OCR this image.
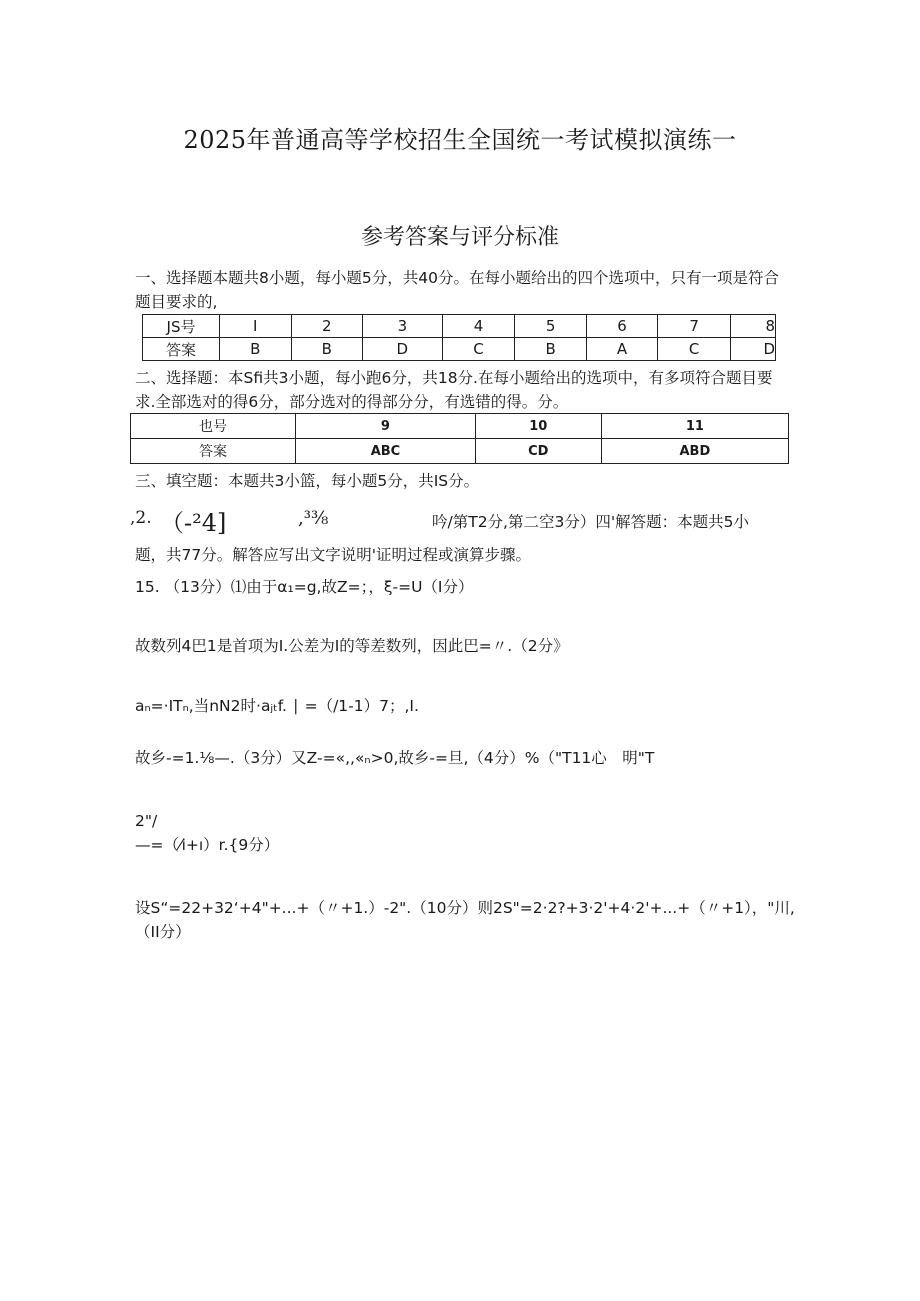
2025年普通高等学校招生全国统一考试模拟演练一
参考答案与评分标准
一、选择题本题共8小题，每小题5分，共40分。在每小题给出的四个选项中，只有一项是符合题目要求的,
JS号	I	2	3	4	5	6	7	8
答案	B	B	D	C	B	A	C	D
二、选择题：本Sfi共3小题，每小跑6分，共18分.在每小题给出的选项中，有多项符合题目要求.全部选对的得6分，部分选对的得部分分，有选错的得。分。
也号	9	10	11
答案	ABC	CD	ABD
三、填空题：本题共3小篮，每小题5分，共IS分。
,2. （-²4]	,³³⁄₈	吟/第T2分,第二空3分）四'解答题：本题共5小
题，共77分。解答应写出文字说明'证明过程或演算步骤。
15. （13分）⑴由于α₁=g,故Z=；，ξ-=U（I分）
故数列4巴1是首项为I.公差为I的等差数列，因此巴=〃.（2分》
aₙ=·ITₙ,当nN2时·aⱼₜf. ∣ =（/1-1）7；,I.
故乡-=1.⅛—.（3分）又Z-=«,,«ₙ>0,故乡-=旦,（4分）%（"T11心　明"T
2"/
—=（⁄i+ı）r.{9分）
设S“=22+32‘+4"+...+（〃+1.）-2".（10分）则2S"=2·2?+3·2'+4·2'+...+（〃+1），"川,（II分）
